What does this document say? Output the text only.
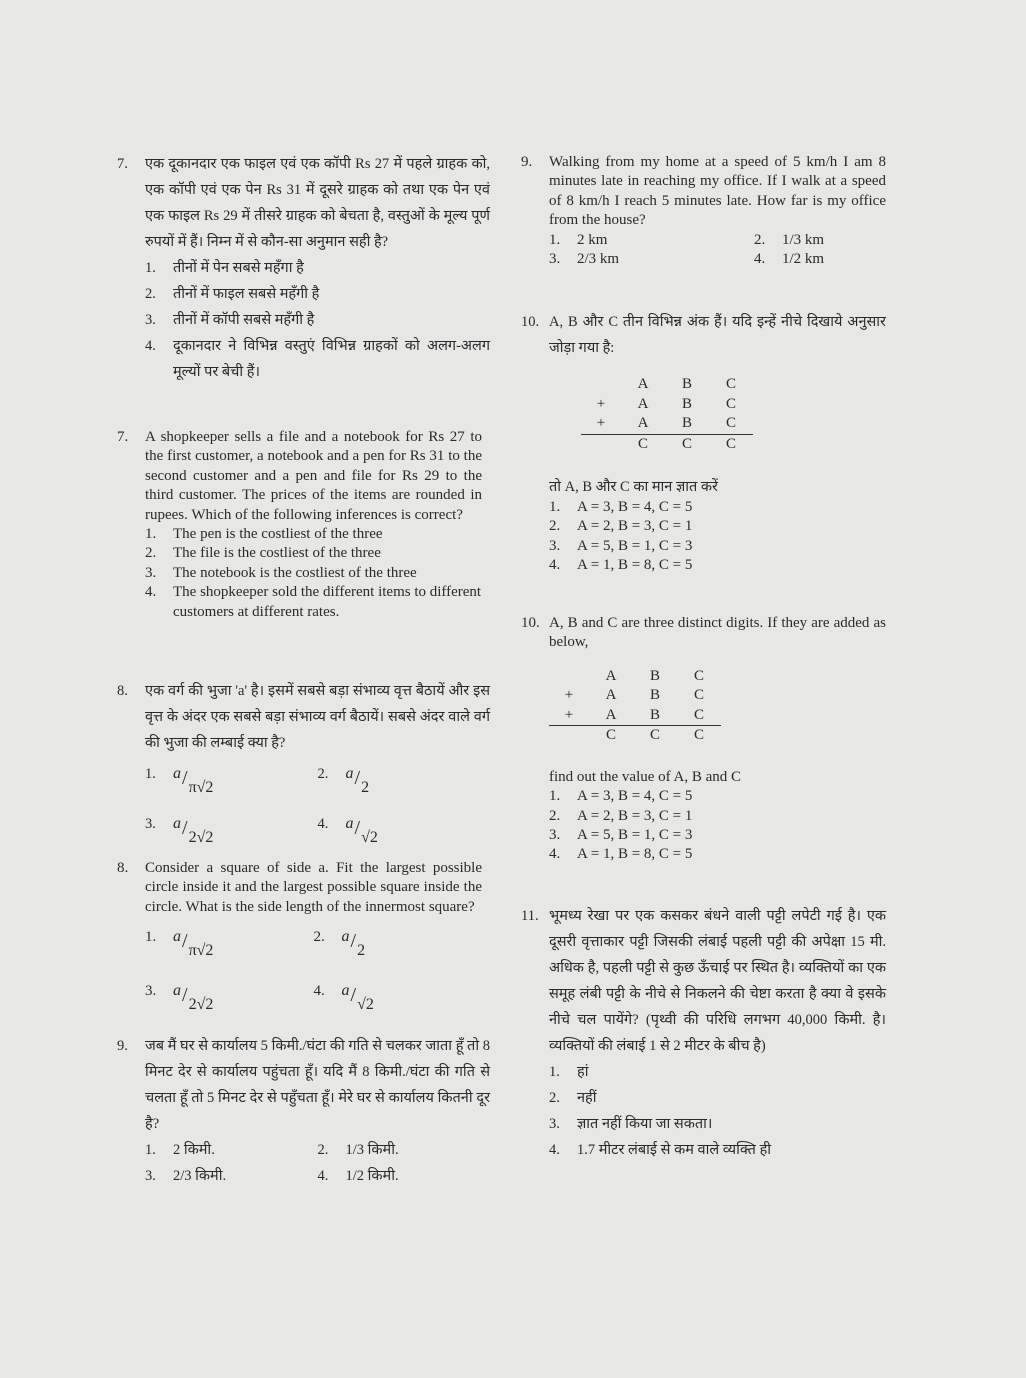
7. एक दूकानदार एक फाइल एवं एक कॉपी Rs 27 में पहले ग्राहक को, एक कॉपी एवं एक पेन Rs 31 में दूसरे ग्राहक को तथा एक पेन एवं एक फाइल Rs 29 में तीसरे ग्राहक को बेचता है, वस्तुओं के मूल्य पूर्ण रुपयों में हैं। निम्न में से कौन-सा अनुमान सही है?
1.	तीनों में पेन सबसे महँगा है
2.	तीनों में फाइल सबसे महँगी है
3.	तीनों में कॉपी सबसे महँगी है
4.	दूकानदार ने विभिन्न वस्तुएं विभिन्न ग्राहकों को अलग-अलग मूल्यों पर बेची हैं।
7. A shopkeeper sells a file and a notebook for Rs 27 to the first customer, a notebook and a pen for Rs 31 to the second customer and a pen and file for Rs 29 to the third customer. The prices of the items are rounded in rupees. Which of the following inferences is correct?
1.	The pen is the costliest of the three
2.	The file is the costliest of the three
3.	The notebook is the costliest of the three
4.	The shopkeeper sold the different items to different customers at different rates.
8. एक वर्ग की भुजा 'a' है। इसमें सबसे बड़ा संभाव्य वृत्त बैठायें और इस वृत्त के अंदर एक सबसे बड़ा संभाव्य वर्ग बैठायें। सबसे अंदर वाले वर्ग की भुजा की लम्बाई क्या है?
1.	$^a/_{\pi√2}$
2.	$^a/_2$
3.	$^a/_{2√2}$
4.	$^a/_{√2}$
8. Consider a square of side a. Fit the largest possible circle inside it and the largest possible square inside the circle. What is the side length of the innermost square?
1.	$^a/_{\pi√2}$
2.	$^a/_2$
3.	$^a/_{2√2}$
4.	$^a/_{√2}$
9. जब मैं घर से कार्यालय 5 किमी./घंटा की गति से चलकर जाता हूँ तो 8 मिनट देर से कार्यालय पहुंचता हूँ। यदि मैं 8 किमी./घंटा की गति से चलता हूँ तो 5 मिनट देर से पहुँचता हूँ। मेरे घर से कार्यालय कितनी दूर है?
1.	2 किमी.	2.	1/3 किमी.
3.	2/3 किमी.	4.	1/2 किमी.
9. Walking from my home at a speed of 5 km/h I am 8 minutes late in reaching my office. If I walk at a speed of 8 km/h I reach 5 minutes late. How far is my office from the house?
1.	2 km	2.	1/3 km
3.	2/3 km	4.	1/2 km
10. A, B और C तीन विभिन्न अंक हैं। यदि इन्हें नीचे दिखाये अनुसार जोड़ा गया है:
	A	B	C
+	A	B	C
+	A	B	C
	C	C	C
तो A, B और C का मान ज्ञात करें
1.	A = 3, B = 4, C = 5
2.	A = 2, B = 3, C = 1
3.	A = 5, B = 1, C = 3
4.	A = 1, B = 8, C = 5
10. A, B and C are three distinct digits. If they are added as below,
	A	B	C
+	A	B	C
+	A	B	C
	C	C	C
find out the value of A, B and C
1.	A = 3, B = 4, C = 5
2.	A = 2, B = 3, C = 1
3.	A = 5, B = 1, C = 3
4.	A = 1, B = 8, C = 5
11. भूमध्य रेखा पर एक कसकर बंधने वाली पट्टी लपेटी गई है। एक दूसरी वृत्ताकार पट्टी जिसकी लंबाई पहली पट्टी की अपेक्षा 15 मी. अधिक है, पहली पट्टी से कुछ ऊँचाई पर स्थित है। व्यक्तियों का एक समूह लंबी पट्टी के नीचे से निकलने की चेष्टा करता है क्या वे इसके नीचे चल पायेंगे? (पृथ्वी की परिधि लगभग 40,000 किमी. है। व्यक्तियों की लंबाई 1 से 2 मीटर के बीच है)
1.	हां
2.	नहीं
3.	ज्ञात नहीं किया जा सकता।
4.	1.7 मीटर लंबाई से कम वाले व्यक्ति ही
